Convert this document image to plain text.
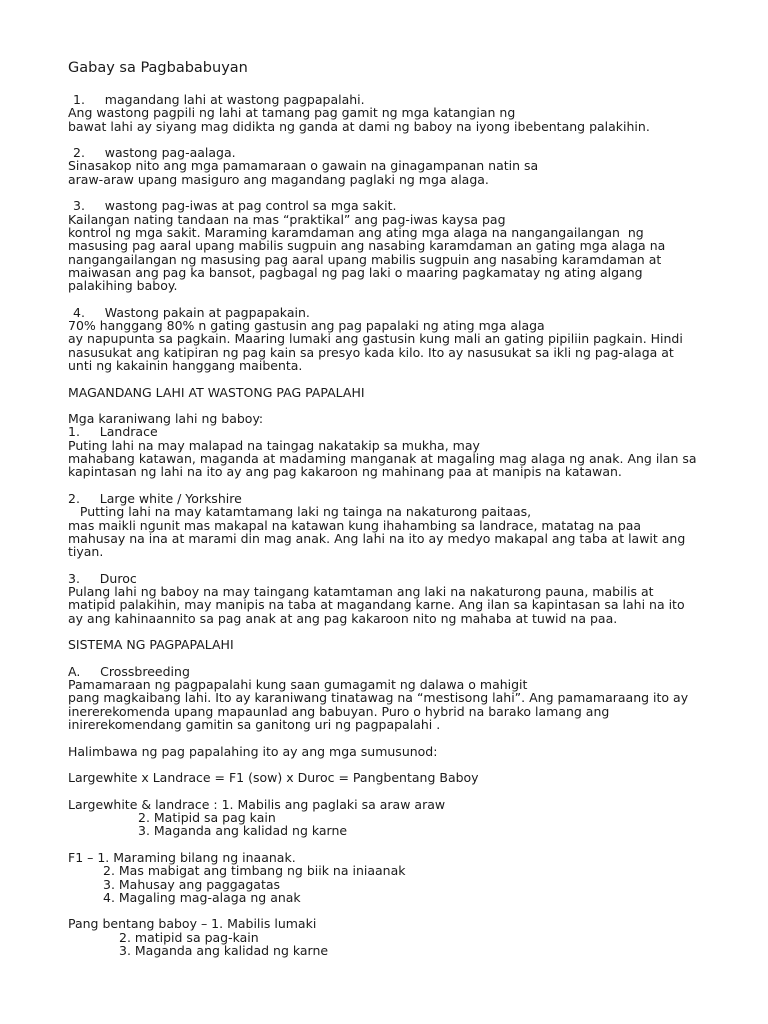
Gabay sa Pagbababuyan
1.     magandang lahi at wastong pagpapalahi.
Ang wastong pagpili ng lahi at tamang pag gamit ng mga katangian ng
bawat lahi ay siyang mag didikta ng ganda at dami ng baboy na iyong ibebentang palakihin.
2.     wastong pag-aalaga.
Sinasakop nito ang mga pamamaraan o gawain na ginagampanan natin sa
araw-araw upang masiguro ang magandang paglaki ng mga alaga.
3.     wastong pag-iwas at pag control sa mga sakit.
Kailangan nating tandaan na mas “praktikal” ang pag-iwas kaysa pag
kontrol ng mga sakit. Maraming karamdaman ang ating mga alaga na nangangailangan  ng
masusing pag aaral upang mabilis sugpuin ang nasabing karamdaman an gating mga alaga na
nangangailangan ng masusing pag aaral upang mabilis sugpuin ang nasabing karamdaman at
maiwasan ang pag ka bansot, pagbagal ng pag laki o maaring pagkamatay ng ating algang
palakihing baboy.
4.     Wastong pakain at pagpapakain.
70% hanggang 80% n gating gastusin ang pag papalaki ng ating mga alaga
ay napupunta sa pagkain. Maaring lumaki ang gastusin kung mali an gating pipiliin pagkain. Hindi
nasusukat ang katipiran ng pag kain sa presyo kada kilo. Ito ay nasusukat sa ikli ng pag-alaga at
unti ng kakainin hanggang maibenta.
MAGANDANG LAHI AT WASTONG PAG PAPALAHI
Mga karaniwang lahi ng baboy:
1.     Landrace
Puting lahi na may malapad na taingag nakatakip sa mukha, may
mahabang katawan, maganda at madaming manganak at magaling mag alaga ng anak. Ang ilan sa
kapintasan ng lahi na ito ay ang pag kakaroon ng mahinang paa at manipis na katawan.
2.     Large white / Yorkshire
Putting lahi na may katamtamang laki ng tainga na nakaturong paitaas,
mas maikli ngunit mas makapal na katawan kung ihahambing sa landrace, matatag na paa
mahusay na ina at marami din mag anak. Ang lahi na ito ay medyo makapal ang taba at lawit ang
tiyan.
3.     Duroc
Pulang lahi ng baboy na may taingang katamtaman ang laki na nakaturong pauna, mabilis at
matipid palakihin, may manipis na taba at magandang karne. Ang ilan sa kapintasan sa lahi na ito
ay ang kahinaannito sa pag anak at ang pag kakaroon nito ng mahaba at tuwid na paa.
SISTEMA NG PAGPAPALAHI
A.     Crossbreeding
Pamamaraan ng pagpapalahi kung saan gumagamit ng dalawa o mahigit
pang magkaibang lahi. Ito ay karaniwang tinatawag na “mestisong lahi”. Ang pamamaraang ito ay
inererekomenda upang mapaunlad ang babuyan. Puro o hybrid na barako lamang ang
inirerekomendang gamitin sa ganitong uri ng pagpapalahi .
Halimbawa ng pag papalahing ito ay ang mga sumusunod:
Largewhite x Landrace = F1 (sow) x Duroc = Pangbentang Baboy
Largewhite & landrace : 1. Mabilis ang paglaki sa araw araw
2. Matipid sa pag kain
3. Maganda ang kalidad ng karne
F1 – 1. Maraming bilang ng inaanak.
2. Mas mabigat ang timbang ng biik na iniaanak
3. Mahusay ang paggagatas
4. Magaling mag-alaga ng anak
Pang bentang baboy – 1. Mabilis lumaki
2. matipid sa pag-kain
3. Maganda ang kalidad ng karne
